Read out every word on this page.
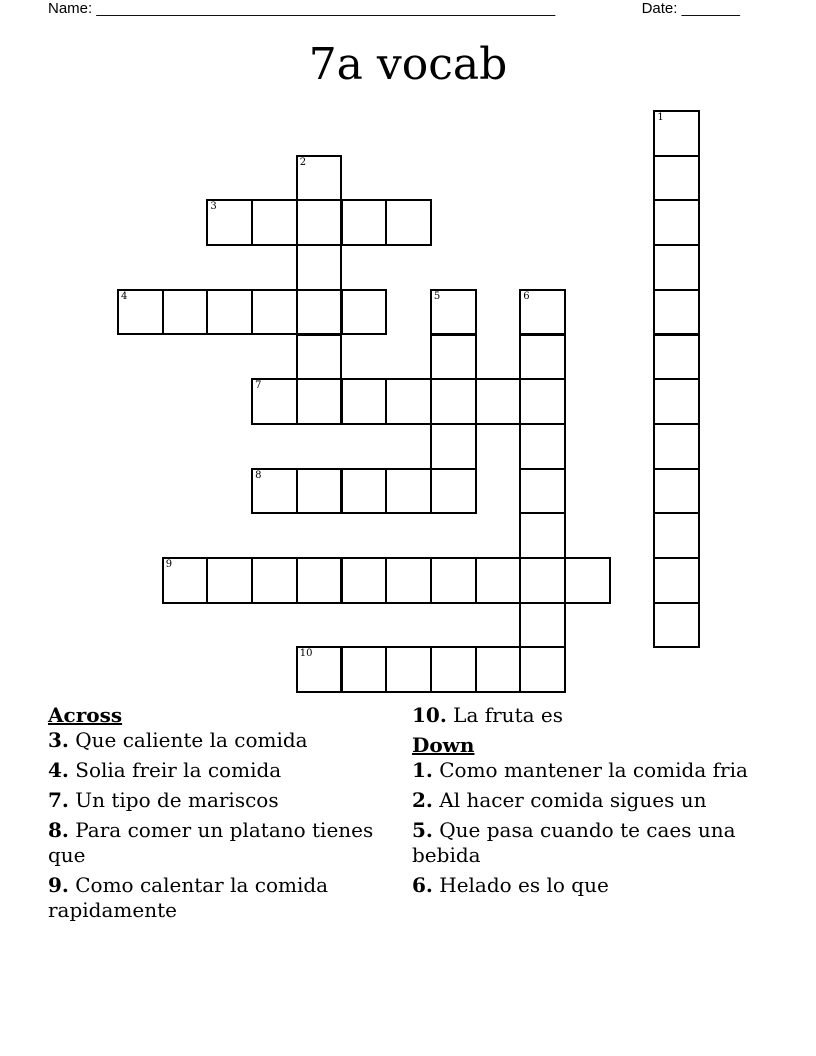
Name: _______________________________________________________	Date: _______
7a vocab
1
2
3
4	5	6
7
8
9
10
Across
3. Que caliente la comida
4. Solia freir la comida
7. Un tipo de mariscos
8. Para comer un platano tienes que
9. Como calentar la comida rapidamente
10. La fruta es
Down
1. Como mantener la comida fria
2. Al hacer comida sigues un
5. Que pasa cuando te caes una bebida
6. Helado es lo que
